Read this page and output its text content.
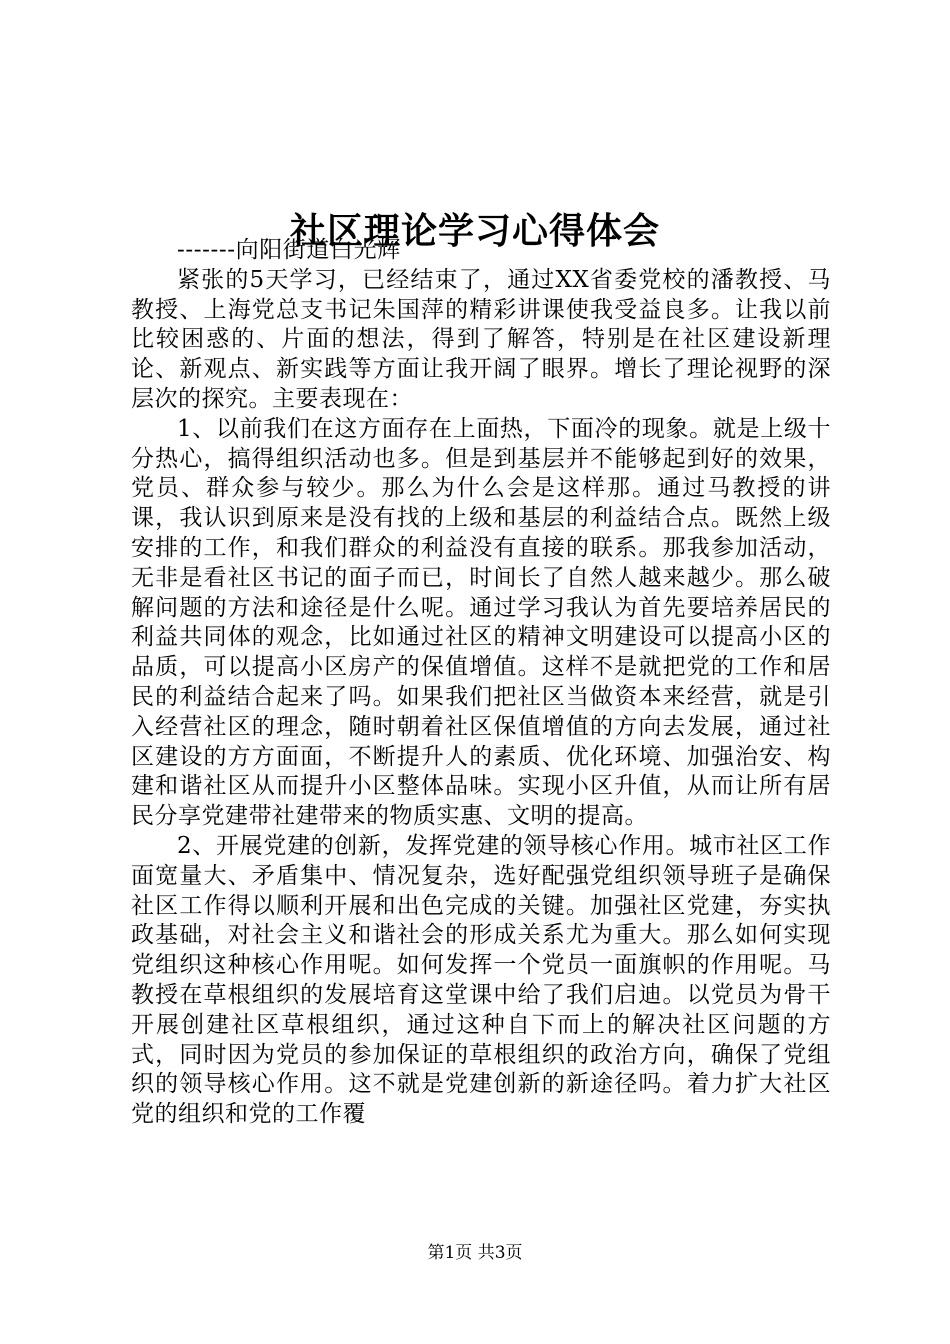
社区理论学习心得体会

-------向阳街道白光辉

紧张的5天学习，已经结束了，通过XX省委党校的潘教授、马教授、上海党总支书记朱国萍的精彩讲课使我受益良多。让我以前比较困惑的、片面的想法，得到了解答，特别是在社区建设新理论、新观点、新实践等方面让我开阔了眼界。增长了理论视野的深层次的探究。主要表现在：

1、以前我们在这方面存在上面热，下面冷的现象。就是上级十分热心，搞得组织活动也多。但是到基层并不能够起到好的效果，党员、群众参与较少。那么为什么会是这样那。通过马教授的讲课，我认识到原来是没有找的上级和基层的利益结合点。既然上级安排的工作，和我们群众的利益没有直接的联系。那我参加活动，无非是看社区书记的面子而已，时间长了自然人越来越少。那么破解问题的方法和途径是什么呢。通过学习我认为首先要培养居民的利益共同体的观念，比如通过社区的精神文明建设可以提高小区的品质，可以提高小区房产的保值增值。这样不是就把党的工作和居民的利益结合起来了吗。如果我们把社区当做资本来经营，就是引入经营社区的理念，随时朝着社区保值增值的方向去发展，通过社区建设的方方面面，不断提升人的素质、优化环境、加强治安、构建和谐社区从而提升小区整体品味。实现小区升值，从而让所有居民分享党建带社建带来的物质实惠、文明的提高。

2、开展党建的创新，发挥党建的领导核心作用。城市社区工作面宽量大、矛盾集中、情况复杂，选好配强党组织领导班子是确保社区工作得以顺利开展和出色完成的关键。加强社区党建，夯实执政基础，对社会主义和谐社会的形成关系尤为重大。那么如何实现党组织这种核心作用呢。如何发挥一个党员一面旗帜的作用呢。马教授在草根组织的发展培育这堂课中给了我们启迪。以党员为骨干开展创建社区草根组织，通过这种自下而上的解决社区问题的方式，同时因为党员的参加保证的草根组织的政治方向，确保了党组织的领导核心作用。这不就是党建创新的新途径吗。着力扩大社区党的组织和党的工作覆

第1页 共3页
